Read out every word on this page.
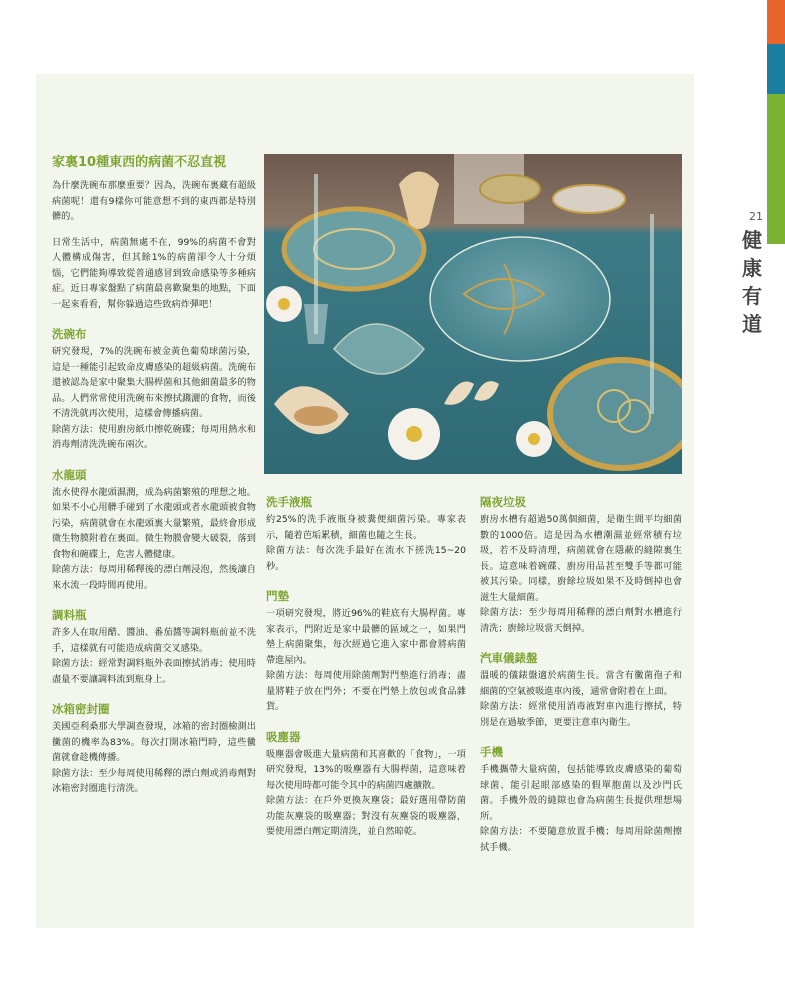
21
健
康
有
道
家裏10種東西的病菌不忍直視

為什麼洗碗布那麼重要？因為，洗碗布裏藏有超級病菌呢！還有9樣你可能意想不到的東西都是特別髒的。

日常生活中，病菌無處不在，99%的病菌不會對人體構成傷害，但其餘1%的病菌卻令人十分煩惱，它們能夠導致從普通感冒到致命感染等多種病症。近日專家盤點了病菌最喜歡聚集的地點，下面一起來看看，幫你躲過這些致病炸彈吧！

洗碗布

研究發現，7%的洗碗布被金黃色葡萄球菌污染，這是一種能引起致命皮膚感染的超級病菌。洗碗布還被認為是家中聚集大腸桿菌和其他細菌最多的物品。人們常常使用洗碗布來擦拭濺灑的食物，而後不清洗就再次使用，這樣會傳播病菌。

除菌方法：使用廚房紙巾擦乾碗碟；每周用熱水和消毒劑清洗洗碗布兩次。

水龍頭

流水使得水龍頭濕潤，成為病菌繁殖的理想之地。如果不小心用髒手碰到了水龍頭或者水龍頭被食物污染，病菌就會在水龍頭裏大量繁殖，最終會形成微生物膜附着在裏面。微生物膜會變大破裂，落到食物和碗碟上，危害人體健康。

除菌方法：每周用稀釋後的漂白劑浸泡，然後讓自來水流一段時間再使用。

調料瓶

許多人在取用醋、醬油、番茄醬等調料瓶前並不洗手，這樣就有可能造成病菌交叉感染。

除菌方法：經常對調料瓶外表面擦拭消毒；使用時盡量不要讓調料流到瓶身上。

冰箱密封圈

美國亞利桑那大學調查發現，冰箱的密封圈檢測出黴菌的機率為83%。每次打開冰箱門時，這些黴菌就會趁機傳播。

除菌方法：至少每周使用稀釋的漂白劑或消毒劑對冰箱密封圈進行清洗。

洗手液瓶

約25%的洗手液瓶身被糞便細菌污染。專家表示，隨着芭垢累積，細菌也隨之生長。

除菌方法：每次洗手最好在流水下搓洗15~20秒。

門墊

一項研究發現，將近96%的鞋底有大腸桿菌。專家表示，門附近是家中最髒的區域之一，如果門墊上病菌聚集，每次經過它進入家中都會將病菌帶進屋內。

除菌方法：每周使用除菌劑對門墊進行消毒；盡量將鞋子放在門外；不要在門墊上放包或食品雜貨。

吸塵器

吸塵器會吸進大量病菌和其喜歡的「食物」，一項研究發現，13%的吸塵器有大腸桿菌，這意味着每次使用時都可能令其中的病菌四處擴散。

除菌方法：在戶外更換灰塵袋；最好選用帶防菌功能灰塵袋的吸塵器；對沒有灰塵袋的吸塵器，要使用漂白劑定期清洗，並自然晾乾。

隔夜垃圾

廚房水槽有超過50萬個細菌，是衛生間平均細菌數的1000倍。這是因為水槽潮濕並經常積有垃圾，若不及時清理，病菌就會在隱蔽的縫隙裏生長。這意味着碗碟、廚房用品甚至雙手等都可能被其污染。同樣，廚餘垃圾如果不及時倒掉也會滋生大量細菌。

除菌方法：至少每周用稀釋的漂白劑對水槽進行清洗；廚餘垃圾當天倒掉。

汽車儀錶盤

溫暖的儀錶盤適於病菌生長。當含有黴菌孢子和細菌的空氣被吸進車內後，通常會附着在上面。

除菌方法：經常使用消毒液對車內進行擦拭，特別是在過敏季節，更要注意車內衛生。

手機

手機攜帶大量病菌，包括能導致皮膚感染的葡萄球菌、能引起眼部感染的假單胞菌以及沙門氏菌。手機外殼的縫隙也會為病菌生長提供理想場所。

除菌方法：不要隨意放置手機；每周用除菌劑擦拭手機。
